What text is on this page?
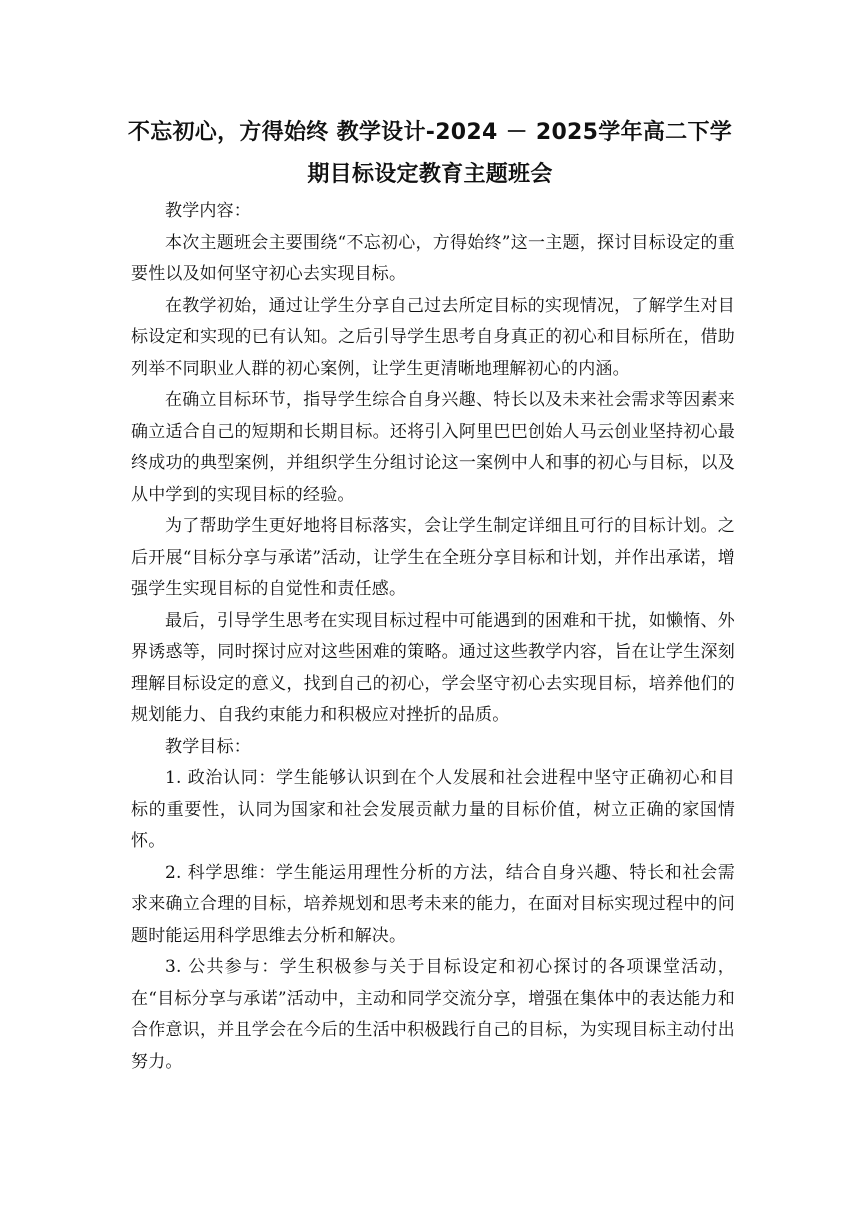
不忘初心，方得始终 教学设计-2024 － 2025学年高二下学期目标设定教育主题班会

教学内容：

本次主题班会主要围绕“不忘初心，方得始终”这一主题，探讨目标设定的重要性以及如何坚守初心去实现目标。

在教学初始，通过让学生分享自己过去所定目标的实现情况，了解学生对目标设定和实现的已有认知。之后引导学生思考自身真正的初心和目标所在，借助列举不同职业人群的初心案例，让学生更清晰地理解初心的内涵。

在确立目标环节，指导学生综合自身兴趣、特长以及未来社会需求等因素来确立适合自己的短期和长期目标。还将引入阿里巴巴创始人马云创业坚持初心最终成功的典型案例，并组织学生分组讨论这一案例中人和事的初心与目标，以及从中学到的实现目标的经验。

为了帮助学生更好地将目标落实，会让学生制定详细且可行的目标计划。之后开展“目标分享与承诺”活动，让学生在全班分享目标和计划，并作出承诺，增强学生实现目标的自觉性和责任感。

最后，引导学生思考在实现目标过程中可能遇到的困难和干扰，如懒惰、外界诱惑等，同时探讨应对这些困难的策略。通过这些教学内容，旨在让学生深刻理解目标设定的意义，找到自己的初心，学会坚守初心去实现目标，培养他们的规划能力、自我约束能力和积极应对挫折的品质。

教学目标：

1. 政治认同：学生能够认识到在个人发展和社会进程中坚守正确初心和目标的重要性，认同为国家和社会发展贡献力量的目标价值，树立正确的家国情怀。

2. 科学思维：学生能运用理性分析的方法，结合自身兴趣、特长和社会需求来确立合理的目标，培养规划和思考未来的能力，在面对目标实现过程中的问题时能运用科学思维去分析和解决。

3. 公共参与：学生积极参与关于目标设定和初心探讨的各项课堂活动，在“目标分享与承诺”活动中，主动和同学交流分享，增强在集体中的表达能力和合作意识，并且学会在今后的生活中积极践行自己的目标，为实现目标主动付出努力。
